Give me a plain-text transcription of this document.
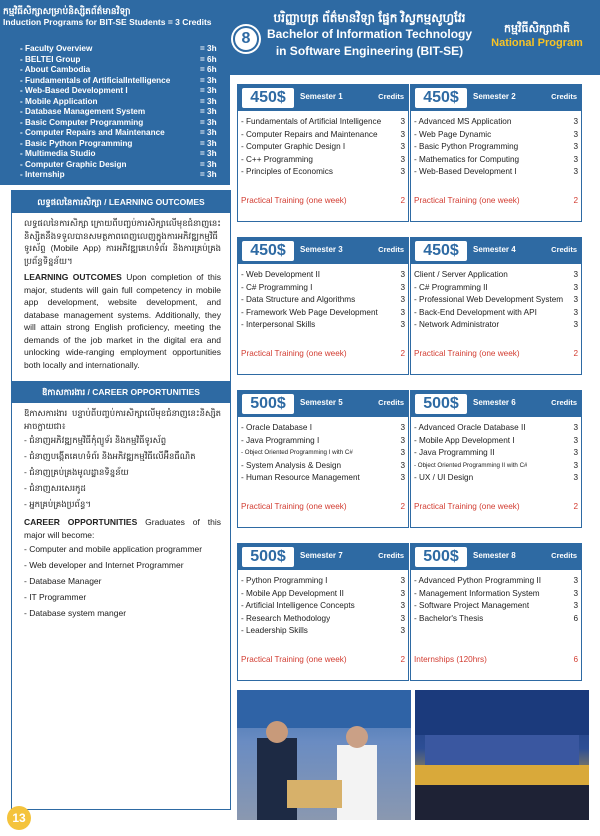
កម្មវិធីសិក្សាសម្រាប់និស្សិតព័ត៌មានវិទ្យា
Induction Programs for BIT-SE Students = 3 Credits
8
បរិញ្ញាបត្រ ព័ត៌មានវិទ្យា ផ្នែក វិស្វកម្មសូហ្វវែរ
Bachelor of Information Technology
in Software Engineering (BIT-SE)
កម្មវិធីសិក្សាជាតិ
National Program
- Faculty Overview	= 3h
- BELTEI Group	= 6h
- About Cambodia	= 6h
- Fundamentals of ArtificialIntelligence	= 3h
- Web-Based Development I	= 3h
- Mobile Application	= 3h
- Database Management System	= 3h
- Basic Computer Programming	= 3h
- Computer Repairs and Maintenance	= 3h
- Basic Python Programming	= 3h
- Multimedia Studio	= 3h
- Computer Graphic Design	= 3h
- Internship	= 3h
លទ្ធផលនៃការសិក្សា / LEARNING OUTCOMES
លទ្ធផលនៃការសិក្សា ក្រោយពីបញ្ចប់ការសិក្សាលើមុខជំនាញនេះនិស្សិតនឹងទទួលបានសមត្ថភាពពេញលេញក្នុងការអភិវឌ្ឍកម្មវិធីទូរស័ព្ទ (Mobile App) ការអភិវឌ្ឍគេហទំព័រ និងការគ្រប់គ្រងប្រព័ន្ធទិន្នន័យ។
LEARNING OUTCOMES Upon completion of this major, students will gain full competency in mobile app development, website development, and database management systems. Additionally, they will attain strong English proficiency, meeting the demands of the job market in the digital era and unlocking wide-ranging employment opportunities both locally and internationally.
ឱកាសការងារ / CAREER OPPORTUNITIES
ឱកាសការងារ បន្ទាប់ពីបញ្ចប់ការសិក្សាលើមុខជំនាញនេះនិស្សិតអាចក្លាយជា៖
- ជំនាញអភិវឌ្ឍកម្មវិធីកុំព្យូទ័រ និងកម្មវិធីទូរស័ព្ទ
- ជំនាញបង្កើតគេហទំព័រ និងអភិវឌ្ឍកម្មវិធីលើអ៊ីនធឺណិត
- ជំនាញគ្រប់គ្រងមូលដ្ឋានទិន្នន័យ
- ជំនាញសរសេរកូដ
- អ្នកគ្រប់គ្រងប្រព័ន្ធ។
CAREER OPPORTUNITIES Graduates of this major will become:
- Computer and mobile application programmer
- Web developer and Internet Programmer
- Database Manager
- IT Programmer
- Database system manger
450$	Semester 1	Credits
- Fundamentals of Artificial Intelligence	3
- Computer Repairs and Maintenance	3
- Computer Graphic Design I	3
- C++ Programming	3
- Principles of Economics	3
Practical Training (one week)	2
450$	Semester 2	Credits
- Advanced MS Application	3
- Web Page Dynamic	3
- Basic Python Programming	3
- Mathematics for Computing	3
- Web-Based Development I	3
Practical Training (one week)	2
450$	Semester 3	Credits
- Web Development II	3
- C# Programming I	3
- Data Structure and Algorithms	3
- Framework Web Page Development	3
- Interpersonal Skills	3
Practical Training (one week)	2
450$	Semester 4	Credits
Client / Server Application	3
- C# Programming II	3
- Professional Web Development System	3
- Back-End Development with API	3
- Network Administrator	3
Practical Training (one week)	2
500$	Semester 5	Credits
- Oracle Database I	3
- Java Programming I	3
- Object Oriented Programming I with C#	3
- System Analysis & Design	3
- Human Resource Management	3
Practical Training (one week)	2
500$	Semester 6	Credits
- Advanced Oracle Database II	3
- Mobile App Development I	3
- Java Programming II	3
- Object Oriented Programming II with C#	3
- UX / UI Design	3
Practical Training (one week)	2
500$	Semester 7	Credits
- Python Programming I	3
- Mobile App Development II	3
- Artificial Intelligence Concepts	3
- Research Methodology	3
- Leadership Skills	3
Practical Training (one week)	2
500$	Semester 8	Credits
- Advanced Python Programming II	3
- Management Information System	3
- Software Project Management	3
- Bachelor's Thesis	6
Internships (120hrs)	6
13
